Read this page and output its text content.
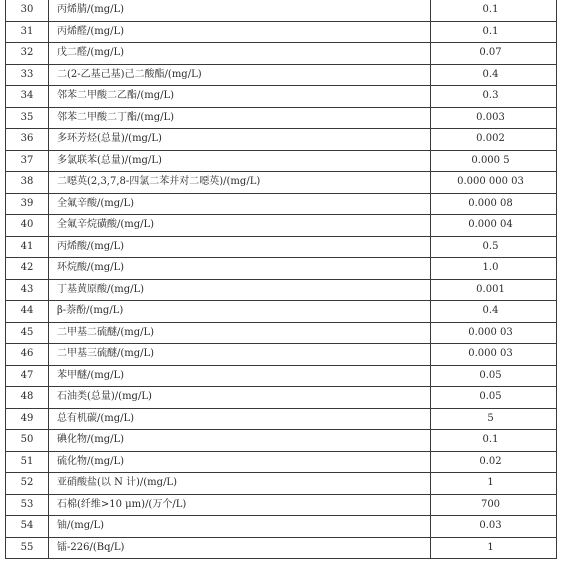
30	丙烯腈/(mg/L)	0.1
31	丙烯醛/(mg/L)	0.1
32	戊二醛/(mg/L)	0.07
33	二(2-乙基己基)己二酸酯/(mg/L)	0.4
34	邻苯二甲酸二乙酯/(mg/L)	0.3
35	邻苯二甲酸二丁酯/(mg/L)	0.003
36	多环芳烃(总量)/(mg/L)	0.002
37	多氯联苯(总量)/(mg/L)	0.000 5
38	二噁英(2,3,7,8-四氯二苯并对二噁英)/(mg/L)	0.000 000 03
39	全氟辛酸/(mg/L)	0.000 08
40	全氟辛烷磺酸/(mg/L)	0.000 04
41	丙烯酸/(mg/L)	0.5
42	环烷酸/(mg/L)	1.0
43	丁基黄原酸/(mg/L)	0.001
44	β-萘酚/(mg/L)	0.4
45	二甲基二硫醚/(mg/L)	0.000 03
46	二甲基三硫醚/(mg/L)	0.000 03
47	苯甲醚/(mg/L)	0.05
48	石油类(总量)/(mg/L)	0.05
49	总有机碳/(mg/L)	5
50	碘化物/(mg/L)	0.1
51	硫化物/(mg/L)	0.02
52	亚硝酸盐(以 N 计)/(mg/L)	1
53	石棉(纤维>10 μm)/(万个/L)	700
54	铀/(mg/L)	0.03
55	镭-226/(Bq/L)	1
